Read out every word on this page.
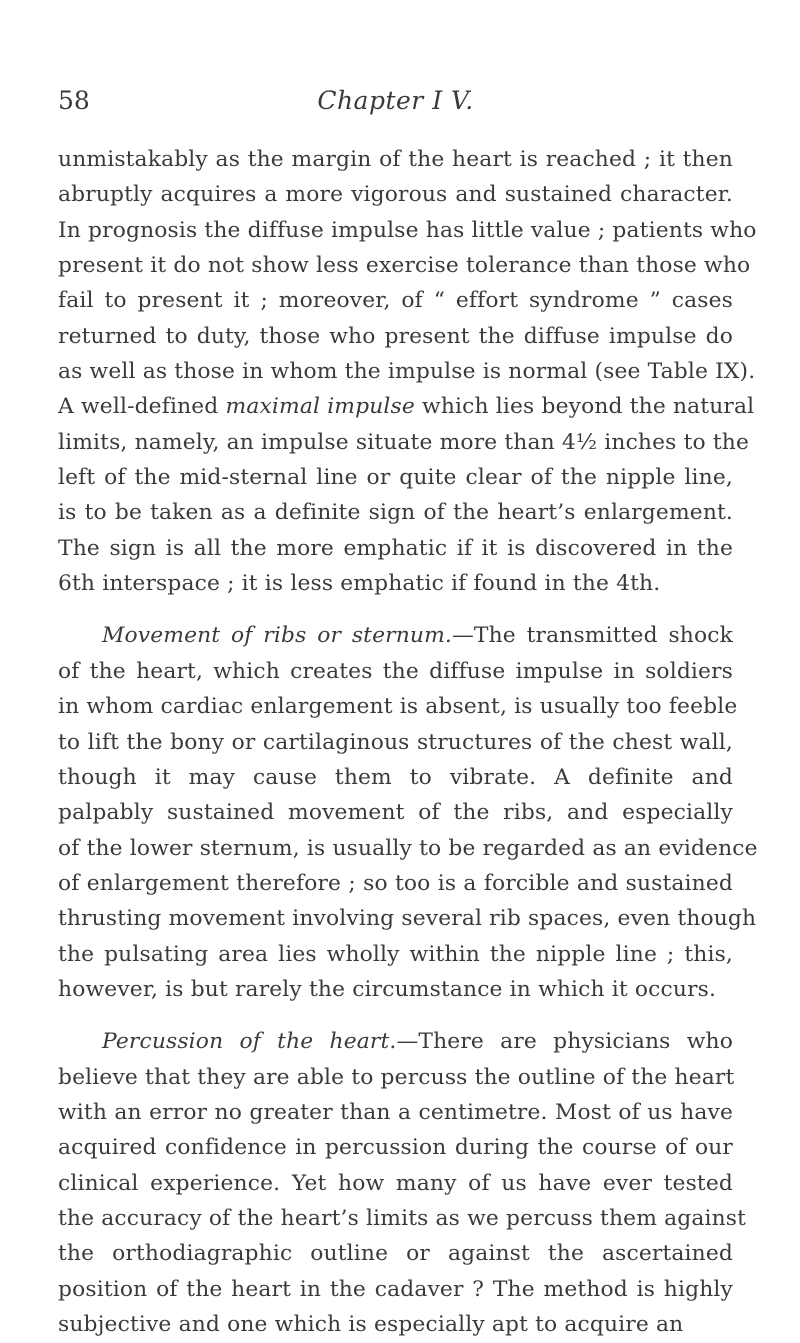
58	Chapter I V.
unmistakably as the margin of the heart is reached ; it then
abruptly acquires a more vigorous and sustained character.
In prognosis the diffuse impulse has little value ; patients who
present it do not show less exercise tolerance than those who
fail to present it ; moreover, of “ effort syndrome ” cases
returned to duty, those who present the diffuse impulse do
as well as those in whom the impulse is normal (see Table IX).
A well-defined maximal impulse which lies beyond the natural
limits, namely, an impulse situate more than 4½ inches to the
left of the mid-sternal line or quite clear of the nipple line,
is to be taken as a definite sign of the heart’s enlargement.
The sign is all the more emphatic if it is discovered in the
6th interspace ; it is less emphatic if found in the 4th.
Movement of ribs or sternum.—The transmitted shock
of the heart, which creates the diffuse impulse in soldiers
in whom cardiac enlargement is absent, is usually too feeble
to lift the bony or cartilaginous structures of the chest wall,
though it may cause them to vibrate. A definite and
palpably sustained movement of the ribs, and especially
of the lower sternum, is usually to be regarded as an evidence
of enlargement therefore ; so too is a forcible and sustained
thrusting movement involving several rib spaces, even though
the pulsating area lies wholly within the nipple line ; this,
however, is but rarely the circumstance in which it occurs.
Percussion of the heart.—There are physicians who
believe that they are able to percuss the outline of the heart
with an error no greater than a centimetre. Most of us have
acquired confidence in percussion during the course of our
clinical experience. Yet how many of us have ever tested
the accuracy of the heart’s limits as we percuss them against
the orthodiagraphic outline or against the ascertained
position of the heart in the cadaver ? The method is highly
subjective and one which is especially apt to acquire an
